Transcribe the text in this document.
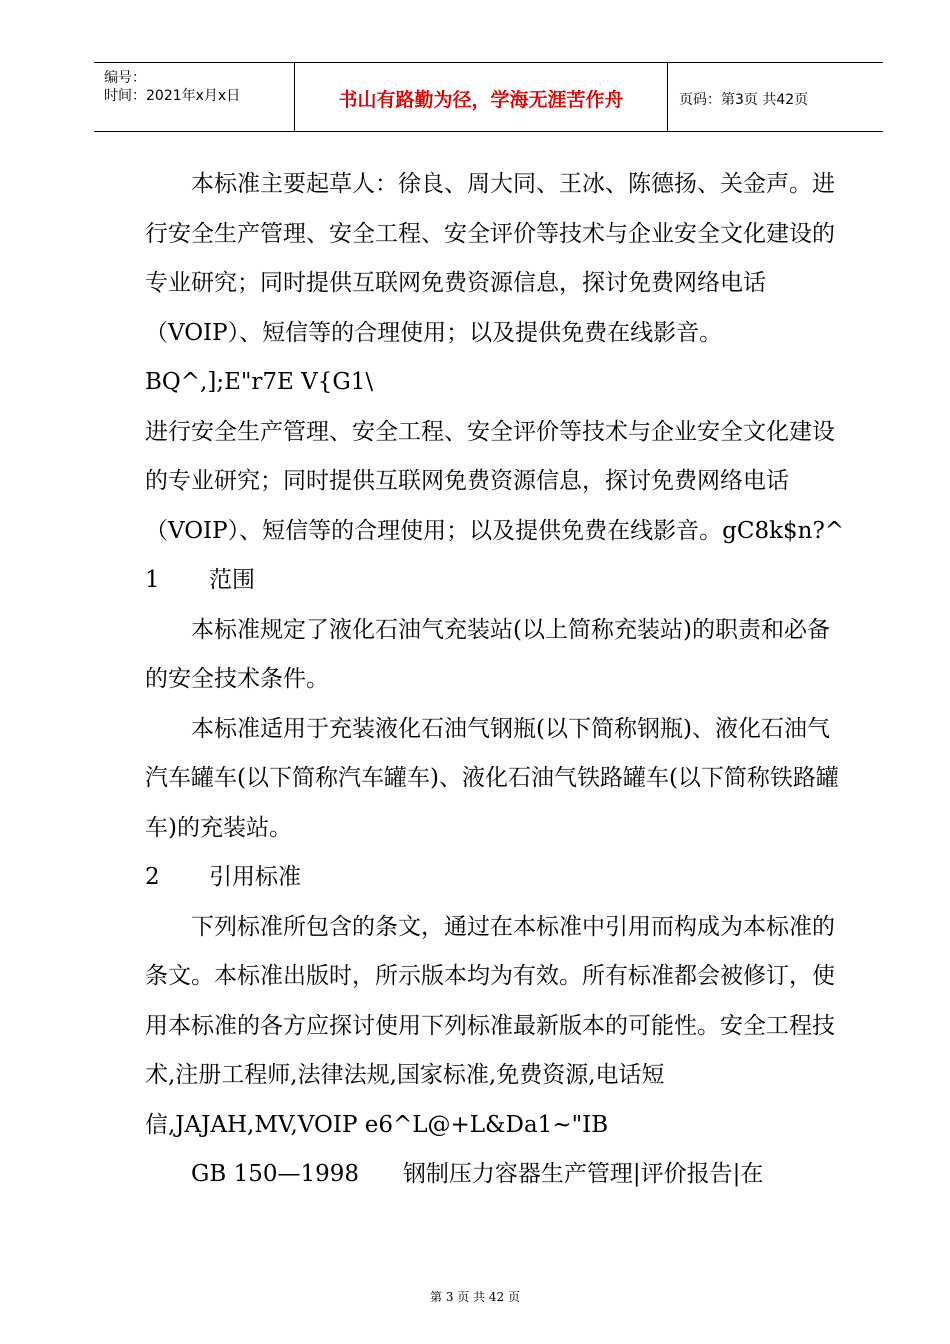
编号：
时间：2021年x月x日	书山有路勤为径，学海无涯苦作舟	页码：第3页 共42页

本标准主要起草人：徐良、周大同、王冰、陈德扬、关金声。进行安全生产管理、安全工程、安全评价等技术与企业安全文化建设的专业研究；同时提供互联网免费资源信息，探讨免费网络电话（VOIP）、短信等的合理使用；以及提供免费在线影音。BQ^,];E"r7E V{G1\

进行安全生产管理、安全工程、安全评价等技术与企业安全文化建设的专业研究；同时提供互联网免费资源信息，探讨免费网络电话（VOIP）、短信等的合理使用；以及提供免费在线影音。gC8k$n?^

1 范围

本标准规定了液化石油气充装站(以上简称充装站)的职责和必备的安全技术条件。

本标准适用于充装液化石油气钢瓶(以下简称钢瓶)、液化石油气汽车罐车(以下简称汽车罐车)、液化石油气铁路罐车(以下简称铁路罐车)的充装站。

2 引用标准

下列标准所包含的条文，通过在本标准中引用而构成为本标准的条文。本标准出版时，所示版本均为有效。所有标准都会被修订，使用本标准的各方应探讨使用下列标准最新版本的可能性。安全工程技术,注册工程师,法律法规,国家标准,免费资源,电话短信,JAJAH,MV,VOIP e6^L@+L&Da1~"IB

GB 150—1998      钢制压力容器生产管理|评价报告|在

第 3 页 共 42 页
